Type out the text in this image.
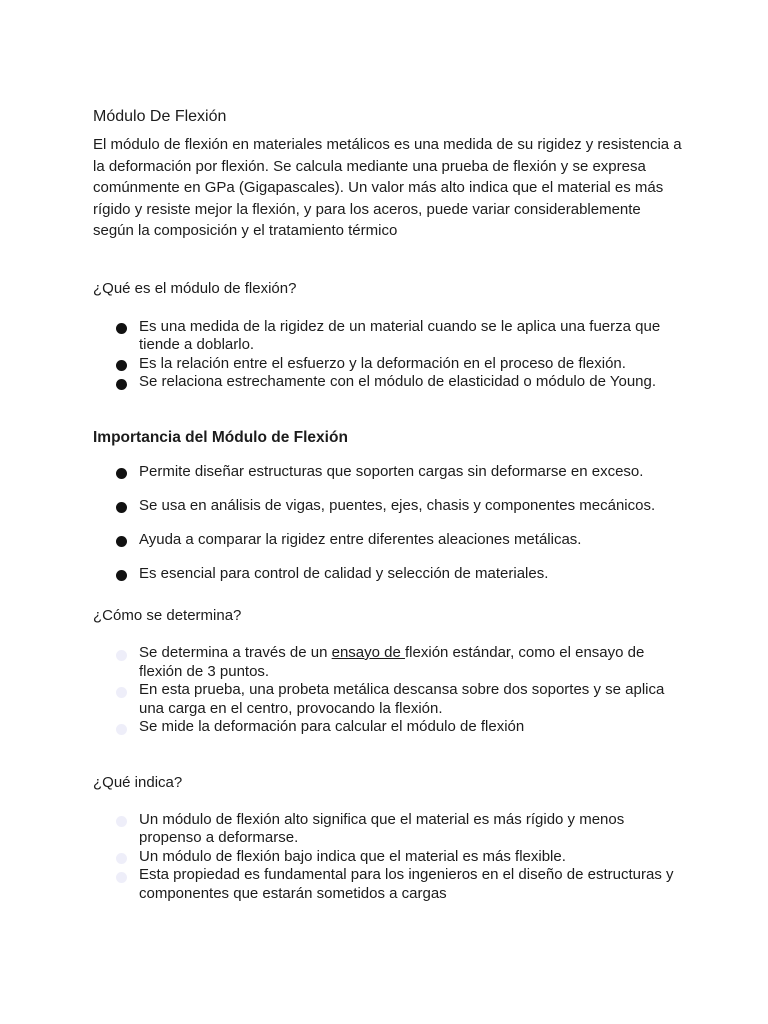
Módulo De Flexión

El módulo de flexión en materiales metálicos es una medida de su rigidez y resistencia a la deformación por flexión. Se calcula mediante una prueba de flexión y se expresa comúnmente en GPa (Gigapascales). Un valor más alto indica que el material es más rígido y resiste mejor la flexión, y para los aceros, puede variar considerablemente según la composición y el tratamiento térmico

¿Qué es el módulo de flexión?

Es una medida de la rigidez de un material cuando se le aplica una fuerza que tiende a doblarlo.
Es la relación entre el esfuerzo y la deformación en el proceso de flexión.
Se relaciona estrechamente con el módulo de elasticidad o módulo de Young.
Importancia del Módulo de Flexión
Permite diseñar estructuras que soporten cargas sin deformarse en exceso.
Se usa en análisis de vigas, puentes, ejes, chasis y componentes mecánicos.
Ayuda a comparar la rigidez entre diferentes aleaciones metálicas.
Es esencial para control de calidad y selección de materiales.

¿Cómo se determina?

Se determina a través de un ensayo de flexión estándar, como el ensayo de flexión de 3 puntos.
En esta prueba, una probeta metálica descansa sobre dos soportes y se aplica una carga en el centro, provocando la flexión.
Se mide la deformación para calcular el módulo de flexión

¿Qué indica?

Un módulo de flexión alto significa que el material es más rígido y menos propenso a deformarse.
Un módulo de flexión bajo indica que el material es más flexible.
Esta propiedad es fundamental para los ingenieros en el diseño de estructuras y componentes que estarán sometidos a cargas
